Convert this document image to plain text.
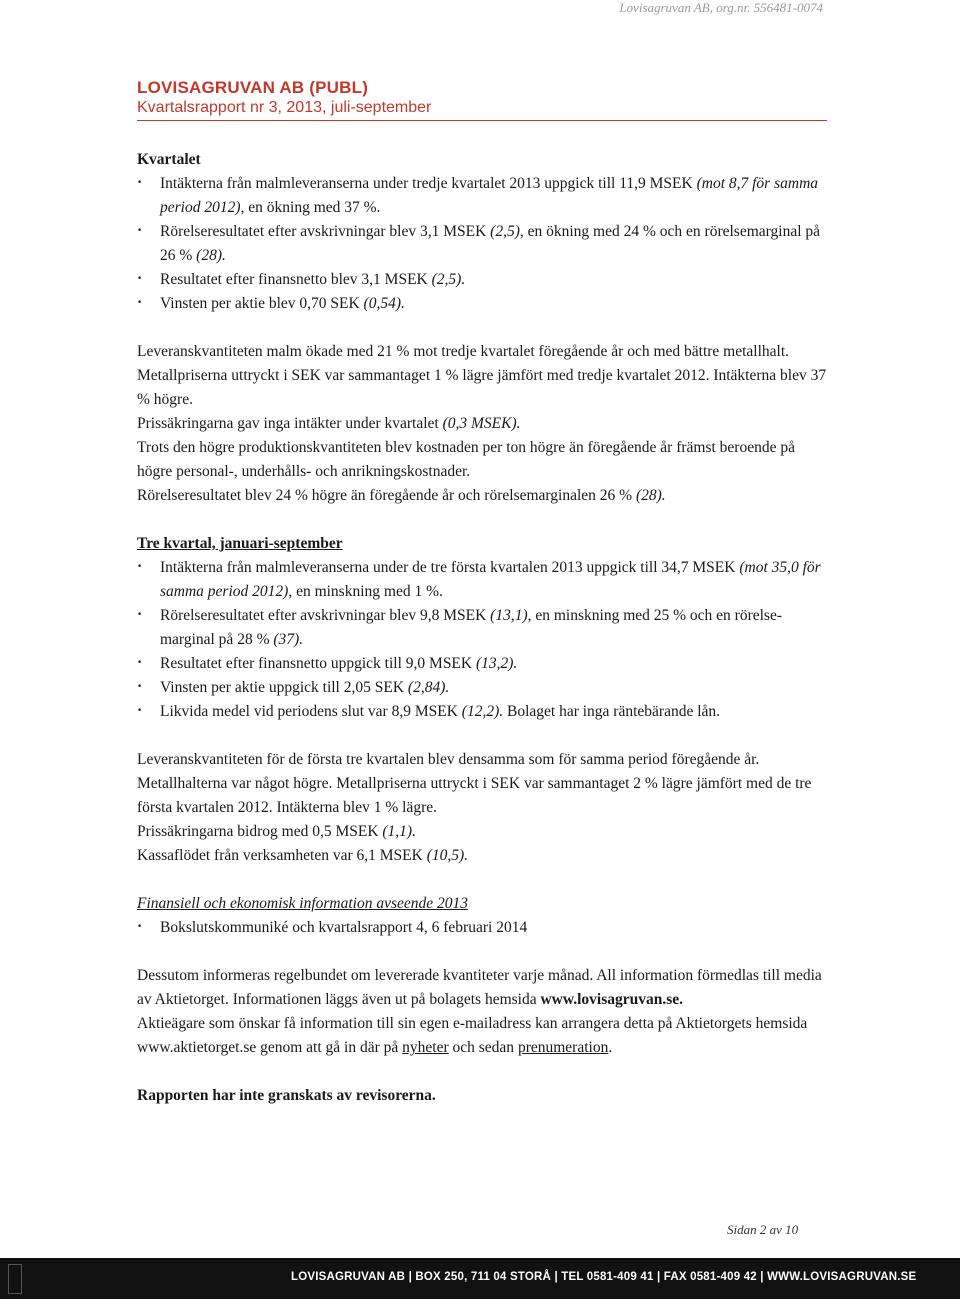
Lovisagruvan AB, org.nr. 556481-0074
LOVISAGRUVAN AB (PUBL)
Kvartalsrapport nr 3, 2013, juli-september
Kvartalet
· Intäkterna från malmleveranserna under tredje kvartalet 2013 uppgick till 11,9 MSEK (mot 8,7 för samma period 2012), en ökning med 37 %.
· Rörelseresultatet efter avskrivningar blev 3,1 MSEK (2,5), en ökning med 24 % och en rörelsemarginal på 26 % (28).
· Resultatet efter finansnetto blev 3,1 MSEK (2,5).
· Vinsten per aktie blev 0,70 SEK (0,54).

Leveranskvantiteten malm ökade med 21 % mot tredje kvartalet föregående år och med bättre metallhalt.

Metallpriserna uttryckt i SEK var sammantaget 1 % lägre jämfört med tredje kvartalet 2012. Intäkterna blev 37 % högre.

Prissäkringarna gav inga intäkter under kvartalet (0,3 MSEK).

Trots den högre produktionskvantiteten blev kostnaden per ton högre än föregående år främst beroende på högre personal-, underhålls- och anrikningskostnader.

Rörelseresultatet blev 24 % högre än föregående år och rörelsemarginalen 26 % (28).

Tre kvartal, januari-september
· Intäkterna från malmleveranserna under de tre första kvartalen 2013 uppgick till 34,7 MSEK (mot 35,0 för samma period 2012), en minskning med 1 %.
· Rörelseresultatet efter avskrivningar blev 9,8 MSEK (13,1), en minskning med 25 % och en rörelse-marginal på 28 % (37).
· Resultatet efter finansnetto uppgick till 9,0 MSEK (13,2).
· Vinsten per aktie uppgick till 2,05 SEK (2,84).
· Likvida medel vid periodens slut var 8,9 MSEK (12,2). Bolaget har inga räntebärande lån.

Leveranskvantiteten för de första tre kvartalen blev densamma som för samma period föregående år. Metallhalterna var något högre. Metallpriserna uttryckt i SEK var sammantaget 2 % lägre jämfört med de tre första kvartalen 2012. Intäkterna blev 1 % lägre.

Prissäkringarna bidrog med 0,5 MSEK (1,1).

Kassaflödet från verksamheten var 6,1 MSEK (10,5).

Finansiell och ekonomisk information avseende 2013
· Bokslutskommuniké och kvartalsrapport 4, 6 februari 2014

Dessutom informeras regelbundet om levererade kvantiteter varje månad. All information förmedlas till media av Aktietorget. Informationen läggs även ut på bolagets hemsida www.lovisagruvan.se.

Aktieägare som önskar få information till sin egen e-mailadress kan arrangera detta på Aktietorgets hemsida www.aktietorget.se genom att gå in där på nyheter och sedan prenumeration.

Rapporten har inte granskats av revisorerna.

Sidan 2 av 10
LOVISAGRUVAN AB | BOX 250, 711 04 STORÅ | TEL 0581-409 41 | FAX 0581-409 42 | WWW.LOVISAGRUVAN.SE
